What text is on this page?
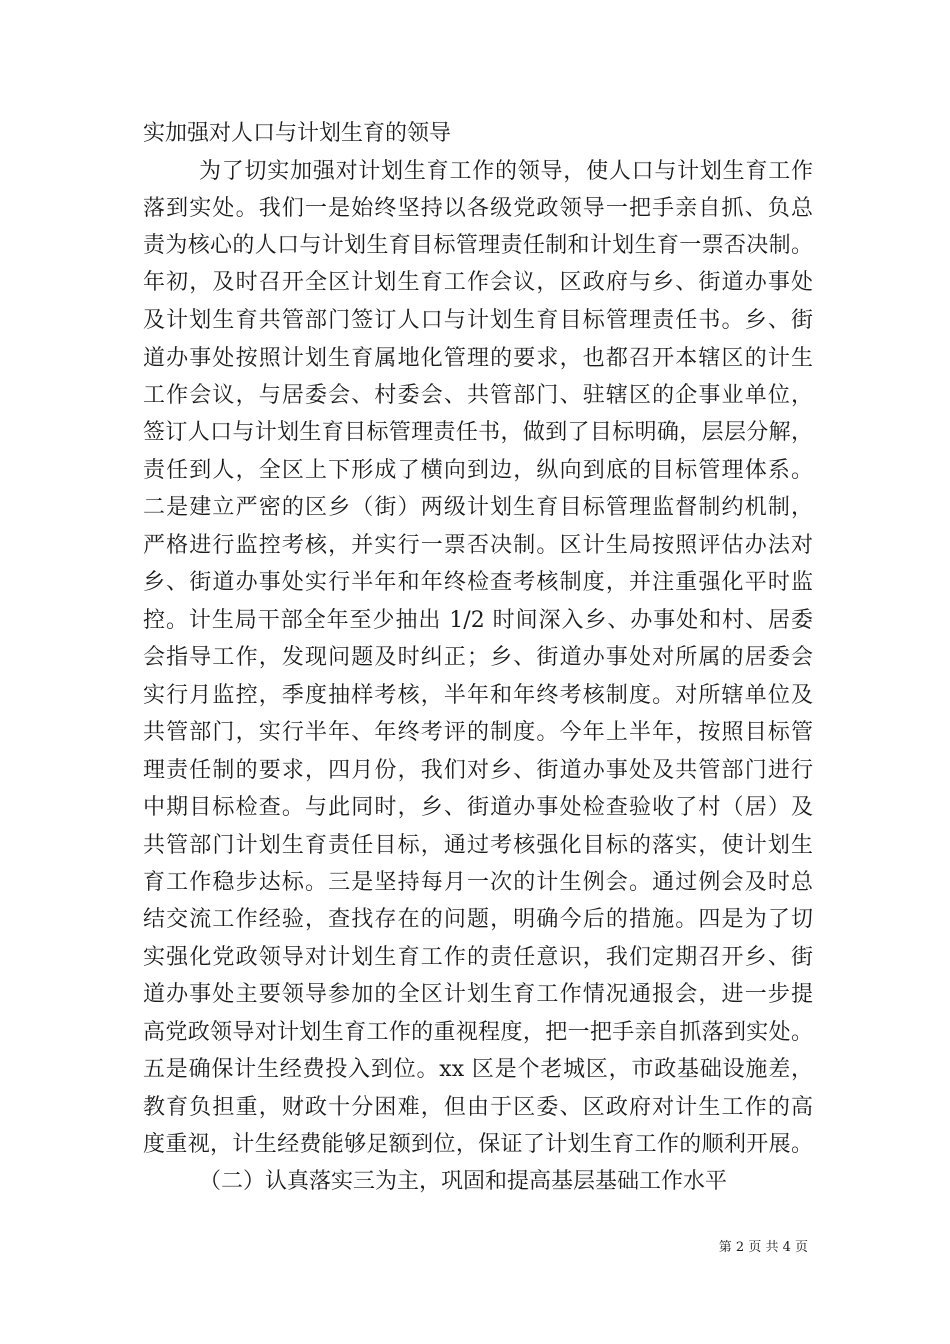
实加强对人口与计划生育的领导
为了切实加强对计划生育工作的领导，使人口与计划生育工作
落到实处。我们一是始终坚持以各级党政领导一把手亲自抓、负总
责为核心的人口与计划生育目标管理责任制和计划生育一票否决制。
年初，及时召开全区计划生育工作会议，区政府与乡、街道办事处
及计划生育共管部门签订人口与计划生育目标管理责任书。乡、街
道办事处按照计划生育属地化管理的要求，也都召开本辖区的计生
工作会议，与居委会、村委会、共管部门、驻辖区的企事业单位，
签订人口与计划生育目标管理责任书，做到了目标明确，层层分解，
责任到人，全区上下形成了横向到边，纵向到底的目标管理体系。
二是建立严密的区乡（街）两级计划生育目标管理监督制约机制，
严格进行监控考核，并实行一票否决制。区计生局按照评估办法对
乡、街道办事处实行半年和年终检查考核制度，并注重强化平时监
控。计生局干部全年至少抽出 1/2 时间深入乡、办事处和村、居委
会指导工作，发现问题及时纠正；乡、街道办事处对所属的居委会
实行月监控，季度抽样考核，半年和年终考核制度。对所辖单位及
共管部门，实行半年、年终考评的制度。今年上半年，按照目标管
理责任制的要求，四月份，我们对乡、街道办事处及共管部门进行
中期目标检查。与此同时，乡、街道办事处检查验收了村（居）及
共管部门计划生育责任目标，通过考核强化目标的落实，使计划生
育工作稳步达标。三是坚持每月一次的计生例会。通过例会及时总
结交流工作经验，查找存在的问题，明确今后的措施。四是为了切
实强化党政领导对计划生育工作的责任意识，我们定期召开乡、街
道办事处主要领导参加的全区计划生育工作情况通报会，进一步提
高党政领导对计划生育工作的重视程度，把一把手亲自抓落到实处。
五是确保计生经费投入到位。xx 区是个老城区，市政基础设施差，
教育负担重，财政十分困难，但由于区委、区政府对计生工作的高
度重视，计生经费能够足额到位，保证了计划生育工作的顺利开展。
（二）认真落实三为主，巩固和提高基层基础工作水平
第 2 页 共 4 页
